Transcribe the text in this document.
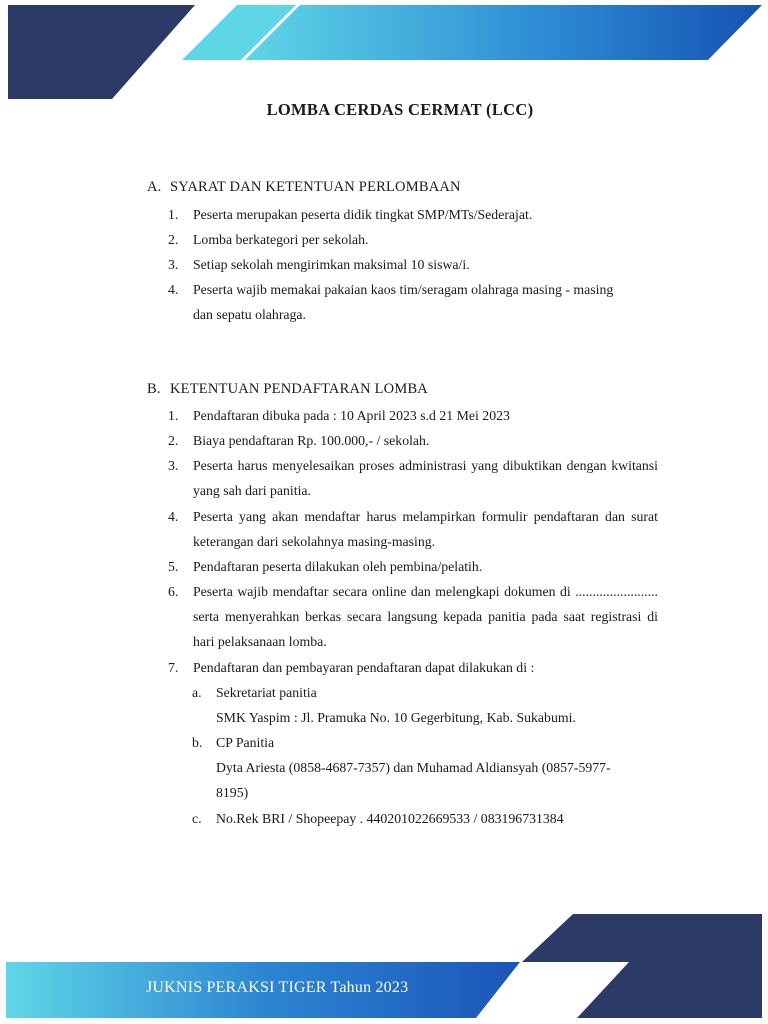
LOMBA CERDAS CERMAT (LCC)
A. SYARAT DAN KETENTUAN PERLOMBAAN
1.	Peserta merupakan peserta didik tingkat SMP/MTs/Sederajat.
2.	Lomba berkategori per sekolah.
3.	Setiap sekolah mengirimkan maksimal 10 siswa/i.
4.	Peserta wajib memakai pakaian kaos tim/seragam olahraga masing - masing dan sepatu olahraga.
B. KETENTUAN PENDAFTARAN LOMBA
1.	Pendaftaran dibuka pada : 10 April 2023 s.d 21 Mei 2023
2.	Biaya pendaftaran Rp. 100.000,- / sekolah.
3.	Peserta harus menyelesaikan proses administrasi yang dibuktikan dengan kwitansi yang sah dari panitia.
4.	Peserta yang akan mendaftar harus melampirkan formulir pendaftaran dan surat keterangan dari sekolahnya masing-masing.
5.	Pendaftaran peserta dilakukan oleh pembina/pelatih.
6.	Peserta wajib mendaftar secara online dan melengkapi dokumen di ........................ serta menyerahkan berkas secara langsung kepada panitia pada saat registrasi di hari pelaksanaan lomba.
7.	Pendaftaran dan pembayaran pendaftaran dapat dilakukan di :
a.	Sekretariat panitia
SMK Yaspim : Jl. Pramuka No. 10 Gegerbitung, Kab. Sukabumi.
b. CP Panitia
Dyta Ariesta (0858-4687-7357) dan Muhamad Aldiansyah (0857-5977-8195)
c.	No.Rek BRI / Shopeepay . 440201022669533 / 083196731384
JUKNIS PERAKSI TIGER Tahun 2023
